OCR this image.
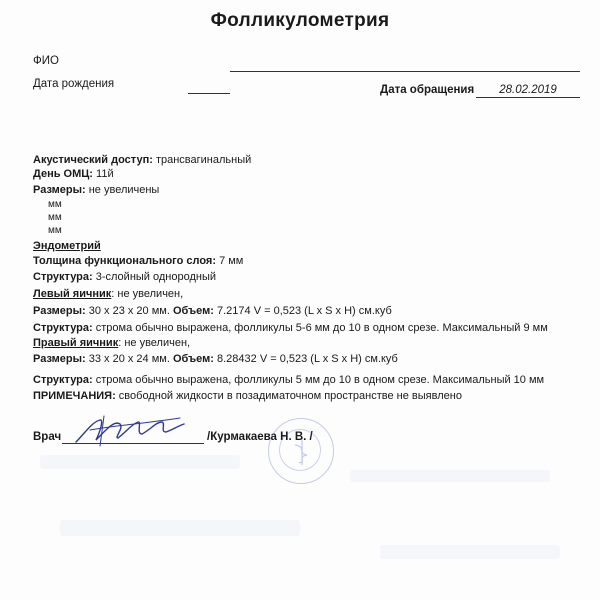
Фолликулометрия
ФИО
Дата рождения	Дата обращения	28.02.2019
Акустический доступ: трансвагинальный
День ОМЦ: 11й
Размеры: не увеличены
мм
мм
мм
Эндометрий
Толщина функционального слоя: 7 мм
Структура: 3-слойный однородный
Левый яичник: не увеличен,
Размеры: 30 x 23 x 20 мм. Объем: 7.2174 V = 0,523 (L x S x H) см.куб
Структура: строма обычно выражена, фолликулы 5-6 мм до 10 в одном срезе. Максимальный 9 мм
Правый яичник: не увеличен,
Размеры: 33 x 20 x 24 мм. Объем: 8.28432 V = 0,523 (L x S x H) см.куб
Структура: строма обычно выражена, фолликулы 5 мм до 10 в одном срезе. Максимальный 10 мм
ПРИМЕЧАНИЯ: свободной жидкости в позадиматочном пространстве не выявлено
Врач	/Курмакаева Н. В. /
